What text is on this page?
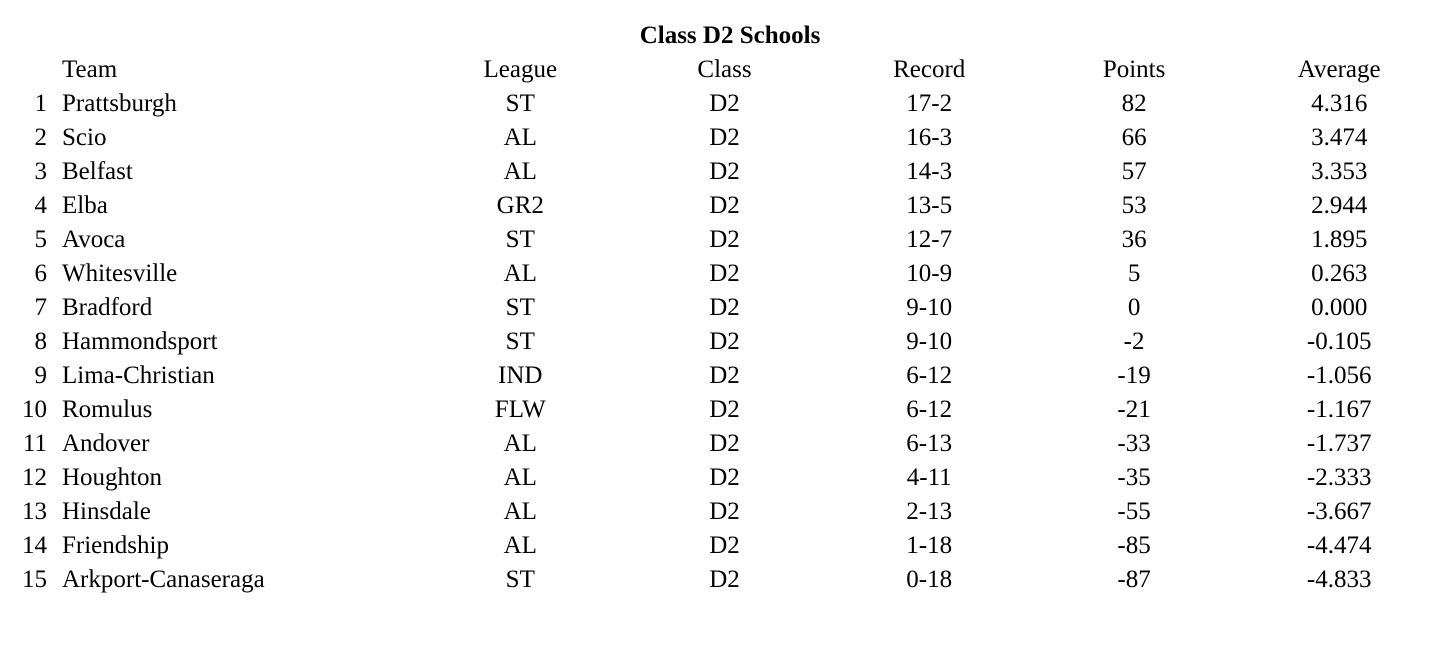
Class D2 Schools
	Team	League	Class	Record	Points	Average
1	Prattsburgh	ST	D2	17-2	82	4.316
2	Scio	AL	D2	16-3	66	3.474
3	Belfast	AL	D2	14-3	57	3.353
4	Elba	GR2	D2	13-5	53	2.944
5	Avoca	ST	D2	12-7	36	1.895
6	Whitesville	AL	D2	10-9	5	0.263
7	Bradford	ST	D2	9-10	0	0.000
8	Hammondsport	ST	D2	9-10	-2	-0.105
9	Lima-Christian	IND	D2	6-12	-19	-1.056
10	Romulus	FLW	D2	6-12	-21	-1.167
11	Andover	AL	D2	6-13	-33	-1.737
12	Houghton	AL	D2	4-11	-35	-2.333
13	Hinsdale	AL	D2	2-13	-55	-3.667
14	Friendship	AL	D2	1-18	-85	-4.474
15	Arkport-Canaseraga	ST	D2	0-18	-87	-4.833
